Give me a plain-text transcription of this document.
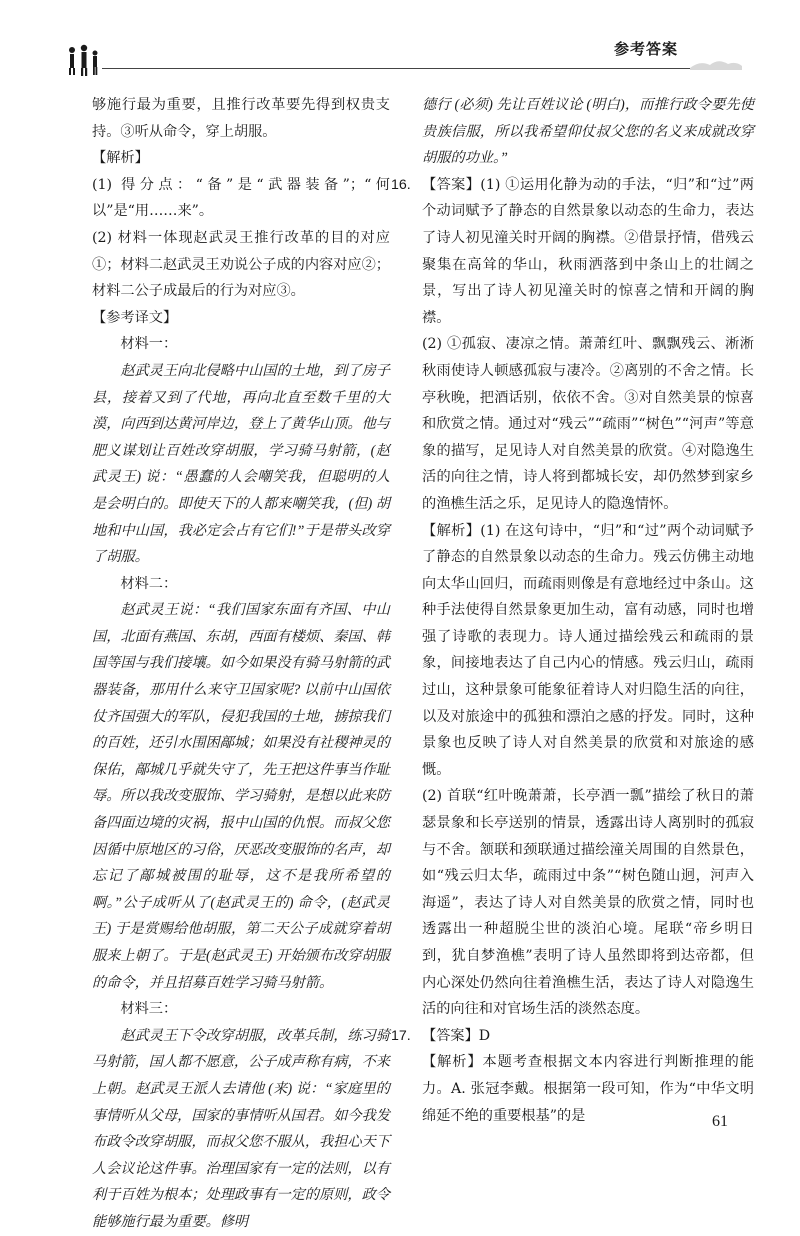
参考答案

够施行最为重要，且推行改革要先得到权贵支持。③听从命令，穿上胡服。

【解析】

(1) 得分点：“备”是“武器装备”；“何以”是“用……来”。

(2) 材料一体现赵武灵王推行改革的目的对应①；材料二赵武灵王劝说公子成的内容对应②；材料二公子成最后的行为对应③。

【参考译文】

材料一：

赵武灵王向北侵略中山国的土地，到了房子县，接着又到了代地，再向北直至数千里的大漠，向西到达黄河岸边，登上了黄华山顶。他与肥义谋划让百姓改穿胡服，学习骑马射箭，(赵武灵王) 说：“愚蠢的人会嘲笑我，但聪明的人是会明白的。即使天下的人都来嘲笑我，(但) 胡地和中山国，我必定会占有它们!”于是带头改穿了胡服。

材料二：

赵武灵王说：“我们国家东面有齐国、中山国，北面有燕国、东胡，西面有楼烦、秦国、韩国等国与我们接壤。如今如果没有骑马射箭的武器装备，那用什么来守卫国家呢? 以前中山国依仗齐国强大的军队，侵犯我国的土地，掳掠我们的百姓，还引水围困鄗城；如果没有社稷神灵的保佑，鄗城几乎就失守了，先王把这件事当作耻辱。所以我改变服饰、学习骑射，是想以此来防备四面边境的灾祸，报中山国的仇恨。而叔父您因循中原地区的习俗，厌恶改变服饰的名声，却忘记了鄗城被围的耻辱，这不是我所希望的啊。”公子成听从了(赵武灵王的) 命令，(赵武灵王) 于是赏赐给他胡服，第二天公子成就穿着胡服来上朝了。于是(赵武灵王) 开始颁布改穿胡服的命令，并且招募百姓学习骑马射箭。

材料三：

赵武灵王下令改穿胡服，改革兵制，练习骑马射箭，国人都不愿意，公子成声称有病，不来上朝。赵武灵王派人去请他 (来) 说：“家庭里的事情听从父母，国家的事情听从国君。如今我发布政令改穿胡服，而叔父您不服从，我担心天下人会议论这件事。治理国家有一定的法则，以有利于百姓为根本；处理政事有一定的原则，政令能够施行最为重要。修明

德行 (必须) 先让百姓议论 (明白)，而推行政令要先使贵族信服，所以我希望仰仗叔父您的名义来成就改穿胡服的功业。”

16. 【答案】(1) ①运用化静为动的手法，“归”和“过”两个动词赋予了静态的自然景象以动态的生命力，表达了诗人初见潼关时开阔的胸襟。②借景抒情，借残云聚集在高耸的华山，秋雨洒落到中条山上的壮阔之景，写出了诗人初见潼关时的惊喜之情和开阔的胸襟。

(2) ①孤寂、凄凉之情。萧萧红叶、飘飘残云、淅淅秋雨使诗人顿感孤寂与凄冷。②离别的不舍之情。长亭秋晚，把酒话别，依依不舍。③对自然美景的惊喜和欣赏之情。通过对“残云”“疏雨”“树色”“河声”等意象的描写，足见诗人对自然美景的欣赏。④对隐逸生活的向往之情，诗人将到都城长安，却仍然梦到家乡的渔樵生活之乐，足见诗人的隐逸情怀。

【解析】(1) 在这句诗中，“归”和“过”两个动词赋予了静态的自然景象以动态的生命力。残云仿佛主动地向太华山回归，而疏雨则像是有意地经过中条山。这种手法使得自然景象更加生动，富有动感，同时也增强了诗歌的表现力。诗人通过描绘残云和疏雨的景象，间接地表达了自己内心的情感。残云归山，疏雨过山，这种景象可能象征着诗人对归隐生活的向往，以及对旅途中的孤独和漂泊之感的抒发。同时，这种景象也反映了诗人对自然美景的欣赏和对旅途的感慨。

(2) 首联“红叶晚萧萧，长亭酒一瓢”描绘了秋日的萧瑟景象和长亭送别的情景，透露出诗人离别时的孤寂与不舍。颔联和颈联通过描绘潼关周围的自然景色，如“残云归太华，疏雨过中条”“树色随山迥，河声入海遥”，表达了诗人对自然美景的欣赏之情，同时也透露出一种超脱尘世的淡泊心境。尾联“帝乡明日到，犹自梦渔樵”表明了诗人虽然即将到达帝都，但内心深处仍然向往着渔樵生活，表达了诗人对隐逸生活的向往和对官场生活的淡然态度。

17. 【答案】D

【解析】本题考查根据文本内容进行判断推理的能力。A. 张冠李戴。根据第一段可知，作为“中华文明绵延不绝的重要根基”的是	61
